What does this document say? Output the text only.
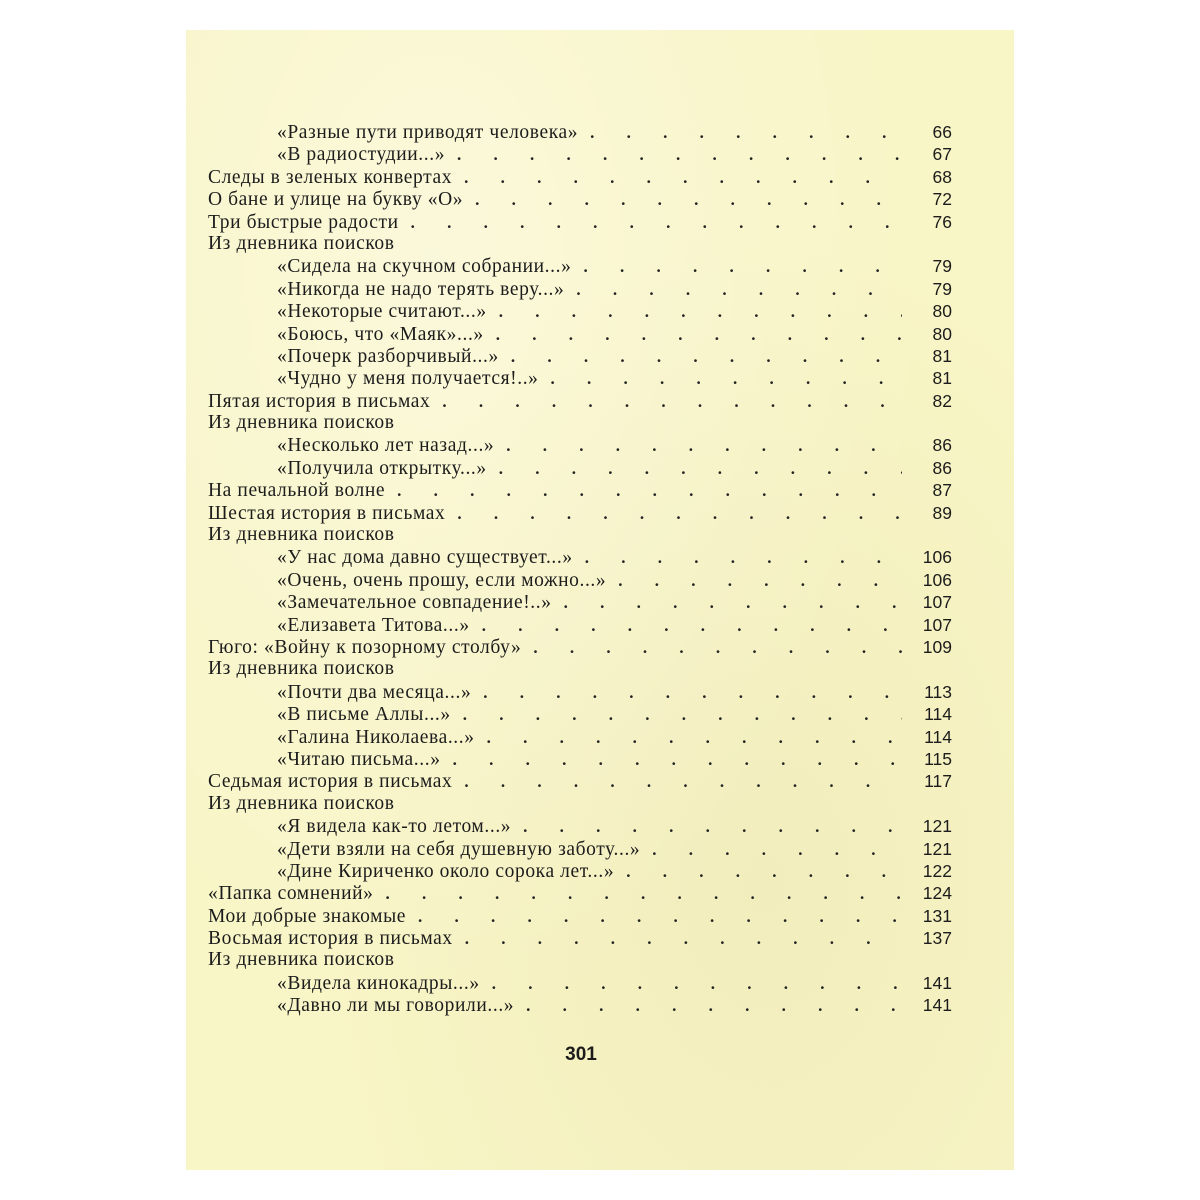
«Разные пути приводят человека» . . .	66
«В радиостудии...» . . .	67
Следы в зеленых конвертах . . .	68
О бане и улице на букву «О» . . .	72
Три быстрые радости . . .	76
Из дневника поисков
«Сидела на скучном собрании...» . . .	79
«Никогда не надо терять веру...» . . .	79
«Некоторые считают...» . . .	80
«Боюсь, что «Маяк»...» . . .	80
«Почерк разборчивый...» . . .	81
«Чудно у меня получается!..» . . .	81
Пятая история в письмах . . .	82
Из дневника поисков
«Несколько лет назад...» . . .	86
«Получила открытку...» . . .	86
На печальной волне . . .	87
Шестая история в письмах . . .	89
Из дневника поисков
«У нас дома давно существует...» . . .	106
«Очень, очень прошу, если можно...» . . .	106
«Замечательное совпадение!..» . . .	107
«Елизавета Титова...» . . .	107
Гюго: «Войну к позорному столбу» . . .	109
Из дневника поисков
«Почти два месяца...» . . .	113
«В письме Аллы...» . . .	114
«Галина Николаева...» . . .	114
«Читаю письма...» . . .	115
Седьмая история в письмах . . .	117
Из дневника поисков
«Я видела как-то летом...» . . .	121
«Дети взяли на себя душевную заботу...» . . .	121
«Дине Кириченко около сорока лет...» . . .	122
«Папка сомнений» . . .	124
Мои добрые знакомые . . .	131
Восьмая история в письмах . . .	137
Из дневника поисков
«Видела кинокадры...» . . .	141
«Давно ли мы говорили...» . . .	141
301
